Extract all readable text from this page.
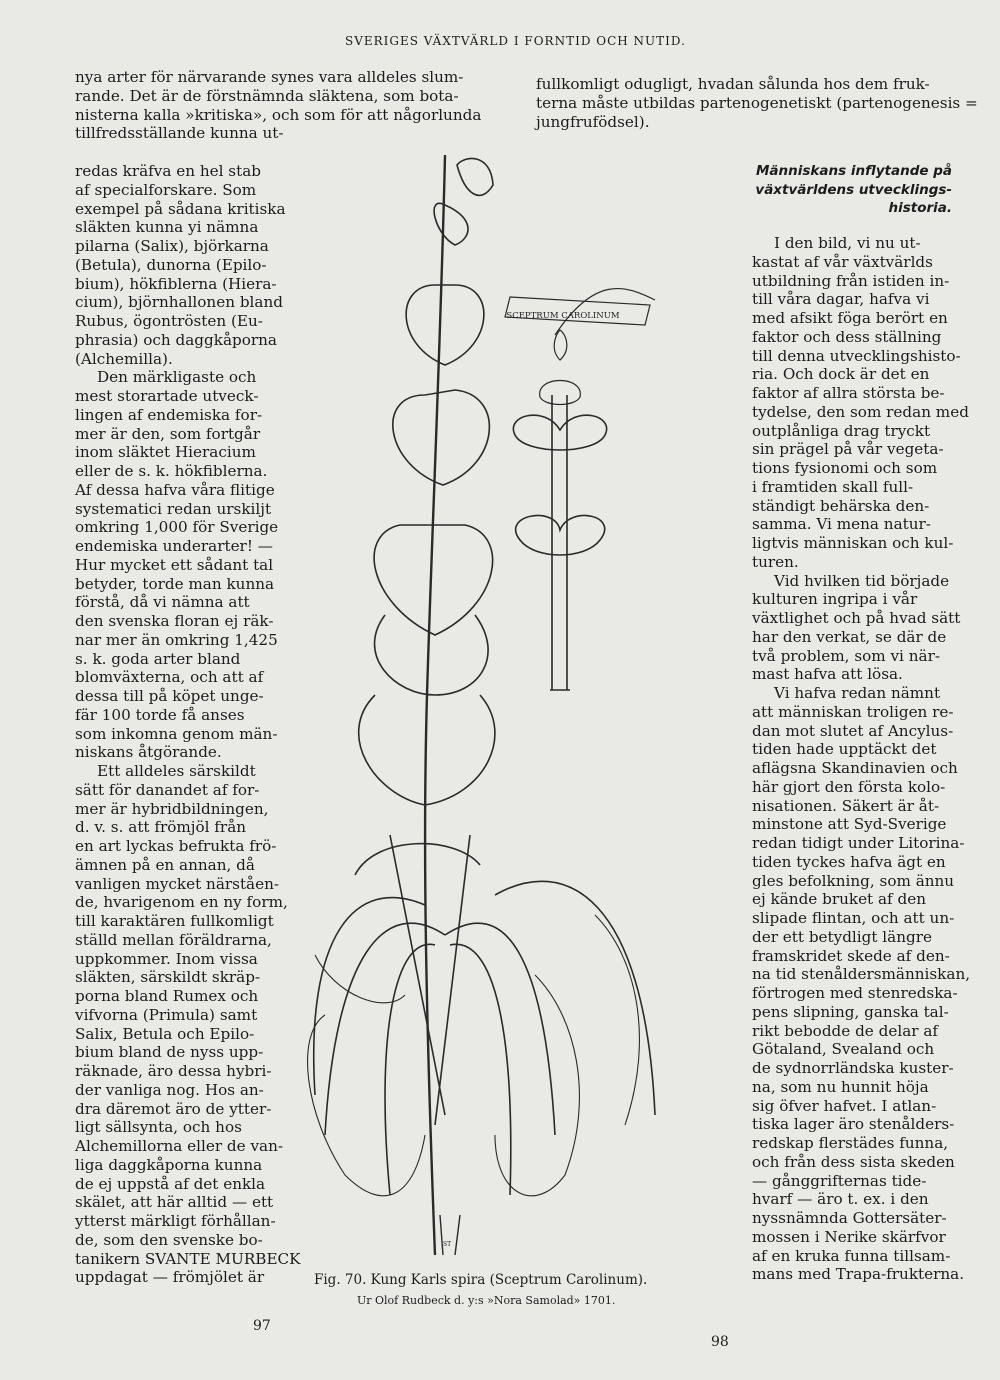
SVERIGES VÄXTVÄRLD I FORNTID OCH NUTID.
nya arter för närvarande synes vara alldeles slum-
rande. Det är de förstnämnda släktena, som bota-
nisterna kalla »kritiska», och som för att någorlunda
tillfredsställande kunna ut-
redas kräfva en hel stab
af specialforskare. Som
exempel på sådana kritiska
släkten kunna yi nämna
pilarna (Salix), björkarna
(Betula), dunorna (Epilo-
bium), hökfiblerna (Hiera-
cium), björnhallonen bland
Rubus, ögontrösten (Eu-
phrasia) och daggkåporna
(Alchemilla).
Den märkligaste och
mest storartade utveck-
lingen af endemiska for-
mer är den, som fortgår
inom släktet Hieracium
eller de s. k. hökfiblerna.
Af dessa hafva våra flitige
systematici redan urskiljt
omkring 1,000 för Sverige
endemiska underarter! —
Hur mycket ett sådant tal
betyder, torde man kunna
förstå, då vi nämna att
den svenska floran ej räk-
nar mer än omkring 1,425
s. k. goda arter bland
blomväxterna, och att af
dessa till på köpet unge-
fär 100 torde få anses
som inkomna genom män-
niskans åtgörande.
Ett alldeles särskildt
sätt för danandet af for-
mer är hybridbildningen,
d. v. s. att frömjöl från
en art lyckas befrukta frö-
ämnen på en annan, då
vanligen mycket närståen-
de, hvarigenom en ny form,
till karaktären fullkomligt
ställd mellan föräldrarna,
uppkommer. Inom vissa
släkten, särskildt skräp-
porna bland Rumex och
vifvorna (Primula) samt
Salix, Betula och Epilo-
bium bland de nyss upp-
räknade, äro dessa hybri-
der vanliga nog. Hos an-
dra däremot äro de ytter-
ligt sällsynta, och hos
Alchemillorna eller de van-
liga daggkåporna kunna
de ej uppstå af det enkla
skälet, att här alltid — ett
ytterst märkligt förhållan-
de, som den svenske bo-
tanikern SVANTE MURBECK
uppdagat — frömjölet är
fullkomligt odugligt, hvadan sålunda hos dem fruk-
terna måste utbildas partenogenetiskt (partenogenesis =
jungfrufödsel).
Människans inflytande på
växtvärldens utvecklings-
historia.
I den bild, vi nu ut-
kastat af vår växtvärlds
utbildning från istiden in-
till våra dagar, hafva vi
med afsikt föga berört en
faktor och dess ställning
till denna utvecklingshisto-
ria. Och dock är det en
faktor af allra största be-
tydelse, den som redan med
outplånliga drag tryckt
sin prägel på vår vegeta-
tions fysionomi och som
i framtiden skall full-
ständigt behärska den-
samma. Vi mena natur-
ligtvis människan och kul-
turen.
Vid hvilken tid började
kulturen ingripa i vår
växtlighet och på hvad sätt
har den verkat, se där de
två problem, som vi när-
mast hafva att lösa.
Vi hafva redan nämnt
att människan troligen re-
dan mot slutet af Ancylus-
tiden hade upptäckt det
aflägsna Skandinavien och
här gjort den första kolo-
nisationen. Säkert är åt-
minstone att Syd-Sverige
redan tidigt under Litorina-
tiden tyckes hafva ägt en
gles befolkning, som ännu
ej kände bruket af den
slipade flintan, och att un-
der ett betydligt längre
framskridet skede af den-
na tid stenåldersmänniskan,
förtrogen med stenredska-
pens slipning, ganska tal-
rikt bebodde de delar af
Götaland, Svealand och
de sydnorrländska kuster-
na, som nu hunnit höja
sig öfver hafvet. I atlan-
tiska lager äro stenålders-
redskap flerstädes funna,
och från dess sista skeden
— gånggrifternas tide-
hvarf — äro t. ex. i den
nyssnämnda Gottersäter-
mossen i Nerike skärfvor
af en kruka funna tillsam-
mans med Trapa-frukterna.
SCEPTRUM CAROLINUM
ST
Fig. 70. Kung Karls spira (Sceptrum Carolinum).
Ur Olof Rudbeck d. y:s »Nora Samolad» 1701.
97
98
